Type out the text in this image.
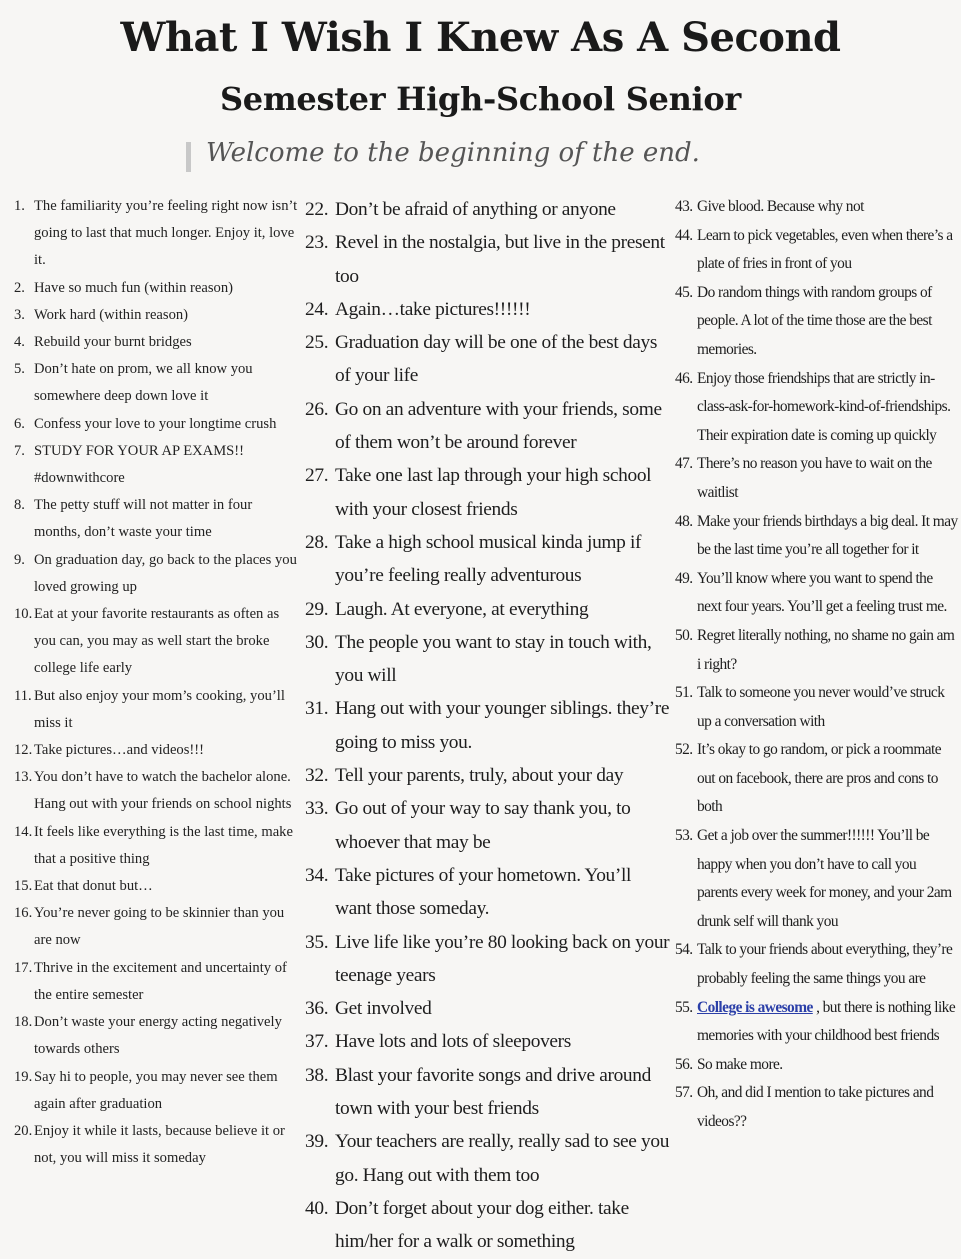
What I Wish I Knew As A Second
Semester High-School Senior
Welcome to the beginning of the end.
1. The familiarity you’re feeling right now isn’t going to last that much longer. Enjoy it, love it.
2. Have so much fun (within reason)
3. Work hard (within reason)
4. Rebuild your burnt bridges
5. Don’t hate on prom, we all know you somewhere deep down love it
6. Confess your love to your longtime crush
7. STUDY FOR YOUR AP EXAMS!! #downwithcore
8. The petty stuff will not matter in four months, don’t waste your time
9. On graduation day, go back to the places you loved growing up
10. Eat at your favorite restaurants as often as you can, you may as well start the broke college life early
11. But also enjoy your mom’s cooking, you’ll miss it
12. Take pictures…and videos!!!
13. You don’t have to watch the bachelor alone. Hang out with your friends on school nights
14. It feels like everything is the last time, make that a positive thing
15. Eat that donut but…
16. You’re never going to be skinnier than you are now
17. Thrive in the excitement and uncertainty of the entire semester
18. Don’t waste your energy acting negatively towards others
19. Say hi to people, you may never see them again after graduation
20. Enjoy it while it lasts, because believe it or not, you will miss it someday
22. Don’t be afraid of anything or anyone
23. Revel in the nostalgia, but live in the present too
24. Again…take pictures!!!!!!
25. Graduation day will be one of the best days of your life
26. Go on an adventure with your friends, some of them won’t be around forever
27. Take one last lap through your high school with your closest friends
28. Take a high school musical kinda jump if you’re feeling really adventurous
29. Laugh. At everyone, at everything
30. The people you want to stay in touch with, you will
31. Hang out with your younger siblings. they’re going to miss you.
32. Tell your parents, truly, about your day
33. Go out of your way to say thank you, to whoever that may be
34. Take pictures of your hometown. You’ll want those someday.
35. Live life like you’re 80 looking back on your teenage years
36. Get involved
37. Have lots and lots of sleepovers
38. Blast your favorite songs and drive around town with your best friends
39. Your teachers are really, really sad to see you go. Hang out with them too
40. Don’t forget about your dog either. take him/her for a walk or something
43. Give blood. Because why not
44. Learn to pick vegetables, even when there’s a plate of fries in front of you
45. Do random things with random groups of people. A lot of the time those are the best memories.
46. Enjoy those friendships that are strictly in-class-ask-for-homework-kind-of-friendships. Their expiration date is coming up quickly
47. There’s no reason you have to wait on the waitlist
48. Make your friends birthdays a big deal. It may be the last time you’re all together for it
49. You’ll know where you want to spend the next four years. You’ll get a feeling trust me.
50. Regret literally nothing, no shame no gain am i right?
51. Talk to someone you never would’ve struck up a conversation with
52. It’s okay to go random, or pick a roommate out on facebook, there are pros and cons to both
53. Get a job over the summer!!!!!! You’ll be happy when you don’t have to call you parents every week for money, and your 2am drunk self will thank you
54. Talk to your friends about everything, they’re probably feeling the same things you are
55. College is awesome , but there is nothing like memories with your childhood best friends
56. So make more.
57. Oh, and did I mention to take pictures and videos??
